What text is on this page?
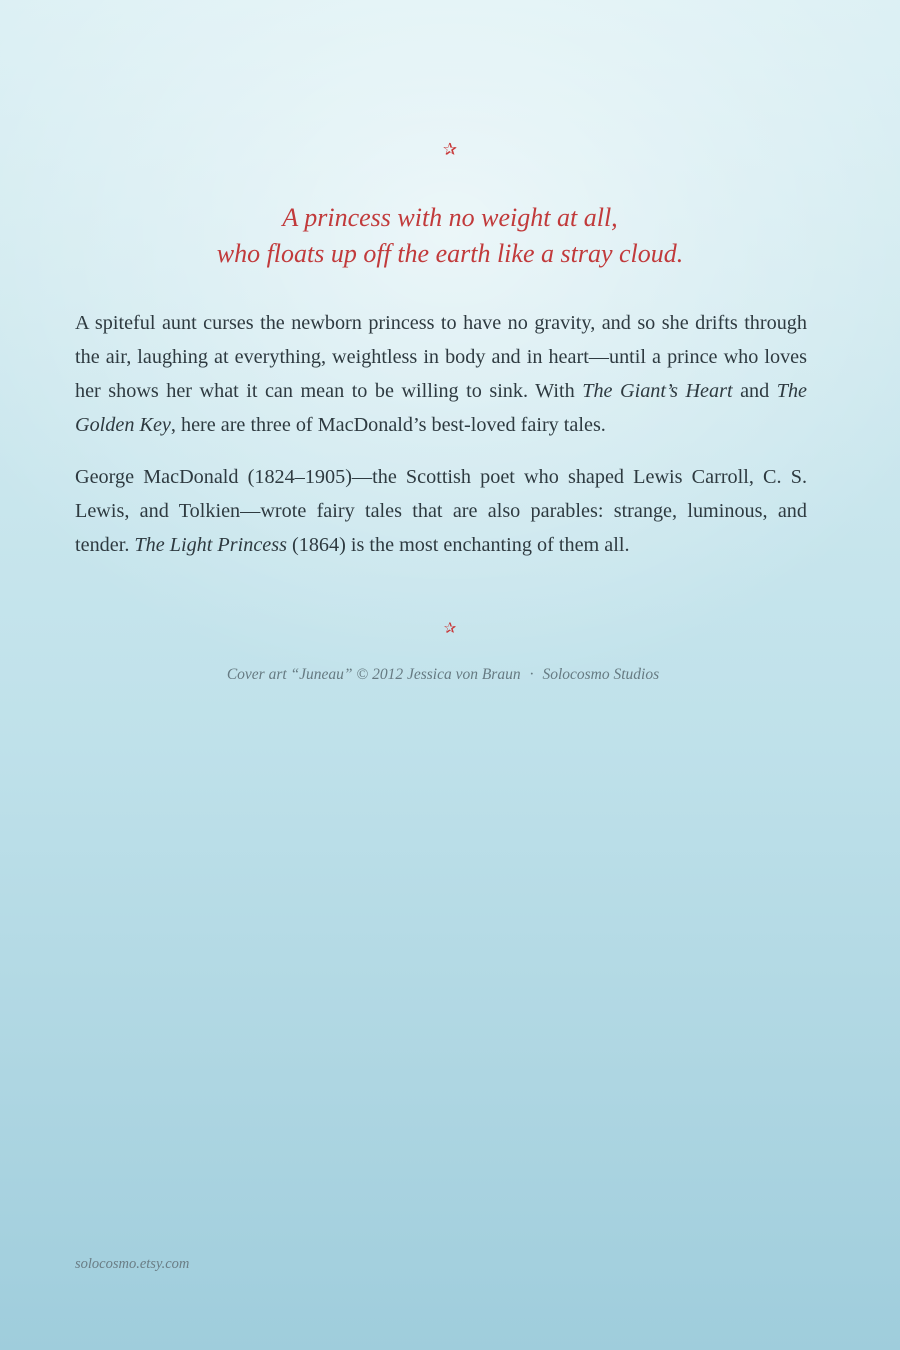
✰
A princess with no weight at all,
who floats up off the earth like a stray cloud.

A spiteful aunt curses the newborn princess to have no gravity, and so she drifts through the air, laughing at everything, weightless in body and in heart—until a prince who loves her shows her what it can mean to be willing to sink. With The Giant’s Heart and The Golden Key, here are three of MacDonald’s best-loved fairy tales.

George MacDonald (1824–1905)—the Scottish poet who shaped Lewis Carroll, C. S. Lewis, and Tolkien—wrote fairy tales that are also parables: strange, luminous, and tender. The Light Princess (1864) is the most enchanting of them all.

✰
Cover art “Juneau” © 2012 Jessica von Braun · Solocosmo Studios
solocosmo.etsy.com
